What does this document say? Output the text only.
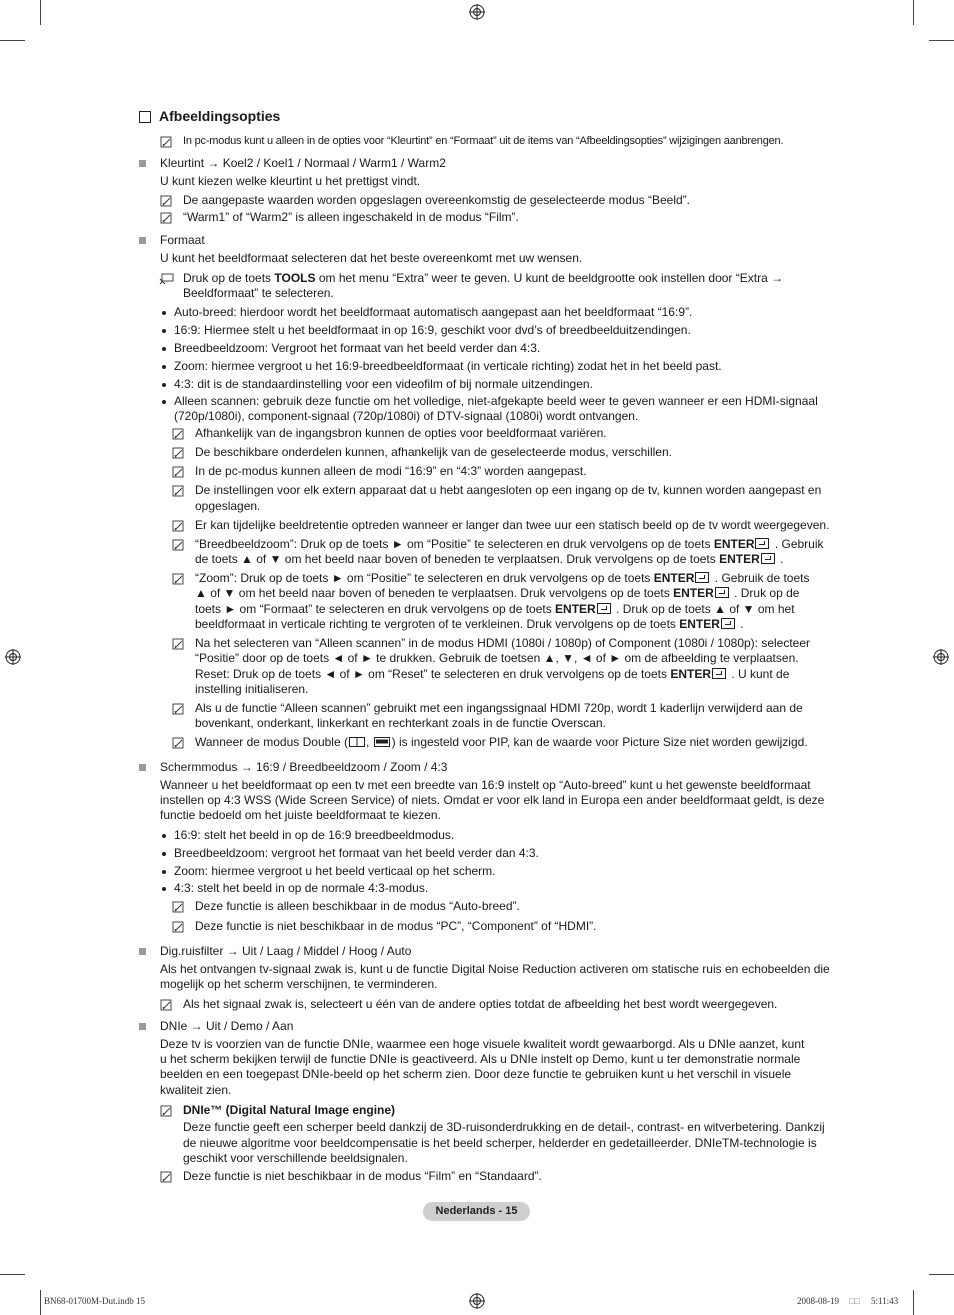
Afbeeldingsopties
In pc-modus kunt u alleen in de opties voor “Kleurtint” en “Formaat” uit de items van “Afbeeldingsopties” wijzigingen aanbrengen.
Kleurtint → Koel2 / Koel1 / Normaal / Warm1 / Warm2
U kunt kiezen welke kleurtint u het prettigst vindt.
De aangepaste waarden worden opgeslagen overeenkomstig de geselecteerde modus “Beeld”.
“Warm1” of “Warm2” is alleen ingeschakeld in de modus “Film”.
Formaat
U kunt het beeldformaat selecteren dat het beste overeenkomt met uw wensen.
Druk op de toets TOOLS om het menu “Extra” weer te geven. U kunt de beeldgrootte ook instellen door “Extra →
Beeldformaat” te selecteren.
Auto-breed: hierdoor wordt het beeldformaat automatisch aangepast aan het beeldformaat “16:9”.
16:9: Hiermee stelt u het beeldformaat in op 16:9, geschikt voor dvd’s of breedbeelduitzendingen.
Breedbeeldzoom: Vergroot het formaat van het beeld verder dan 4:3.
Zoom: hiermee vergroot u het 16:9-breedbeeldformaat (in verticale richting) zodat het in het beeld past.
4:3: dit is de standaardinstelling voor een videofilm of bij normale uitzendingen.
Alleen scannen: gebruik deze functie om het volledige, niet-afgekapte beeld weer te geven wanneer er een HDMI-signaal
(720p/1080i), component-signaal (720p/1080i) of DTV-signaal (1080i) wordt ontvangen.
Afhankelijk van de ingangsbron kunnen de opties voor beeldformaat variëren.
De beschikbare onderdelen kunnen, afhankelijk van de geselecteerde modus, verschillen.
In de pc-modus kunnen alleen de modi “16:9” en “4:3” worden aangepast.
De instellingen voor elk extern apparaat dat u hebt aangesloten op een ingang op de tv, kunnen worden aangepast en
opgeslagen.
Er kan tijdelijke beeldretentie optreden wanneer er langer dan twee uur een statisch beeld op de tv wordt weergegeven.
“Breedbeeldzoom”: Druk op de toets ► om “Positie” te selecteren en druk vervolgens op de toets ENTER . Gebruik
de toets ▲ of ▼ om het beeld naar boven of beneden te verplaatsen. Druk vervolgens op de toets ENTER .
“Zoom”: Druk op de toets ► om “Positie” te selecteren en druk vervolgens op de toets ENTER . Gebruik de toets
▲ of ▼ om het beeld naar boven of beneden te verplaatsen. Druk vervolgens op de toets ENTER . Druk op de
toets ► om “Formaat” te selecteren en druk vervolgens op de toets ENTER . Druk op de toets ▲ of ▼ om het
beeldformaat in verticale richting te vergroten of te verkleinen. Druk vervolgens op de toets ENTER .
Na het selecteren van “Alleen scannen” in de modus HDMI (1080i / 1080p) of Component (1080i / 1080p): selecteer
“Positie” door op de toets ◄ of ► te drukken. Gebruik de toetsen ▲, ▼, ◄ of ► om de afbeelding te verplaatsen.
Reset: Druk op de toets ◄ of ► om “Reset” te selecteren en druk vervolgens op de toets ENTER . U kunt de
instelling initialiseren.
Als u de functie “Alleen scannen” gebruikt met een ingangssignaal HDMI 720p, wordt 1 kaderlijn verwijderd aan de
bovenkant, onderkant, linkerkant en rechterkant zoals in de functie Overscan.
Wanneer de modus Double ( , ) is ingesteld voor PIP, kan de waarde voor Picture Size niet worden gewijzigd.
Schermmodus → 16:9 / Breedbeeldzoom / Zoom / 4:3
Wanneer u het beeldformaat op een tv met een breedte van 16:9 instelt op “Auto-breed” kunt u het gewenste beeldformaat
instellen op 4:3 WSS (Wide Screen Service) of niets. Omdat er voor elk land in Europa een ander beeldformaat geldt, is deze
functie bedoeld om het juiste beeldformaat te kiezen.
16:9: stelt het beeld in op de 16:9 breedbeeldmodus.
Breedbeeldzoom: vergroot het formaat van het beeld verder dan 4:3.
Zoom: hiermee vergroot u het beeld verticaal op het scherm.
4:3: stelt het beeld in op de normale 4:3-modus.
Deze functie is alleen beschikbaar in de modus “Auto-breed”.
Deze functie is niet beschikbaar in de modus “PC”, “Component” of “HDMI”.
Dig.ruisfilter → Uit / Laag / Middel / Hoog / Auto
Als het ontvangen tv-signaal zwak is, kunt u de functie Digital Noise Reduction activeren om statische ruis en echobeelden die
mogelijk op het scherm verschijnen, te verminderen.
Als het signaal zwak is, selecteert u één van de andere opties totdat de afbeelding het best wordt weergegeven.
DNIe → Uit / Demo / Aan
Deze tv is voorzien van de functie DNIe, waarmee een hoge visuele kwaliteit wordt gewaarborgd. Als u DNIe aanzet, kunt
u het scherm bekijken terwijl de functie DNIe is geactiveerd. Als u DNIe instelt op Demo, kunt u ter demonstratie normale
beelden en een toegepast DNIe-beeld op het scherm zien. Door deze functie te gebruiken kunt u het verschil in visuele
kwaliteit zien.
DNIe™ (Digital Natural Image engine)
Deze functie geeft een scherper beeld dankzij de 3D-ruisonderdrukking en de detail-, contrast- en witverbetering. Dankzij
de nieuwe algoritme voor beeldcompensatie is het beeld scherper, helderder en gedetailleerder. DNIeTM-technologie is
geschikt voor verschillende beeldsignalen.
Deze functie is niet beschikbaar in de modus “Film” en “Standaard”.
Nederlands - 15
BN68-01700M-Dut.indb 15	2008-08-19 □□ 5:11:43
